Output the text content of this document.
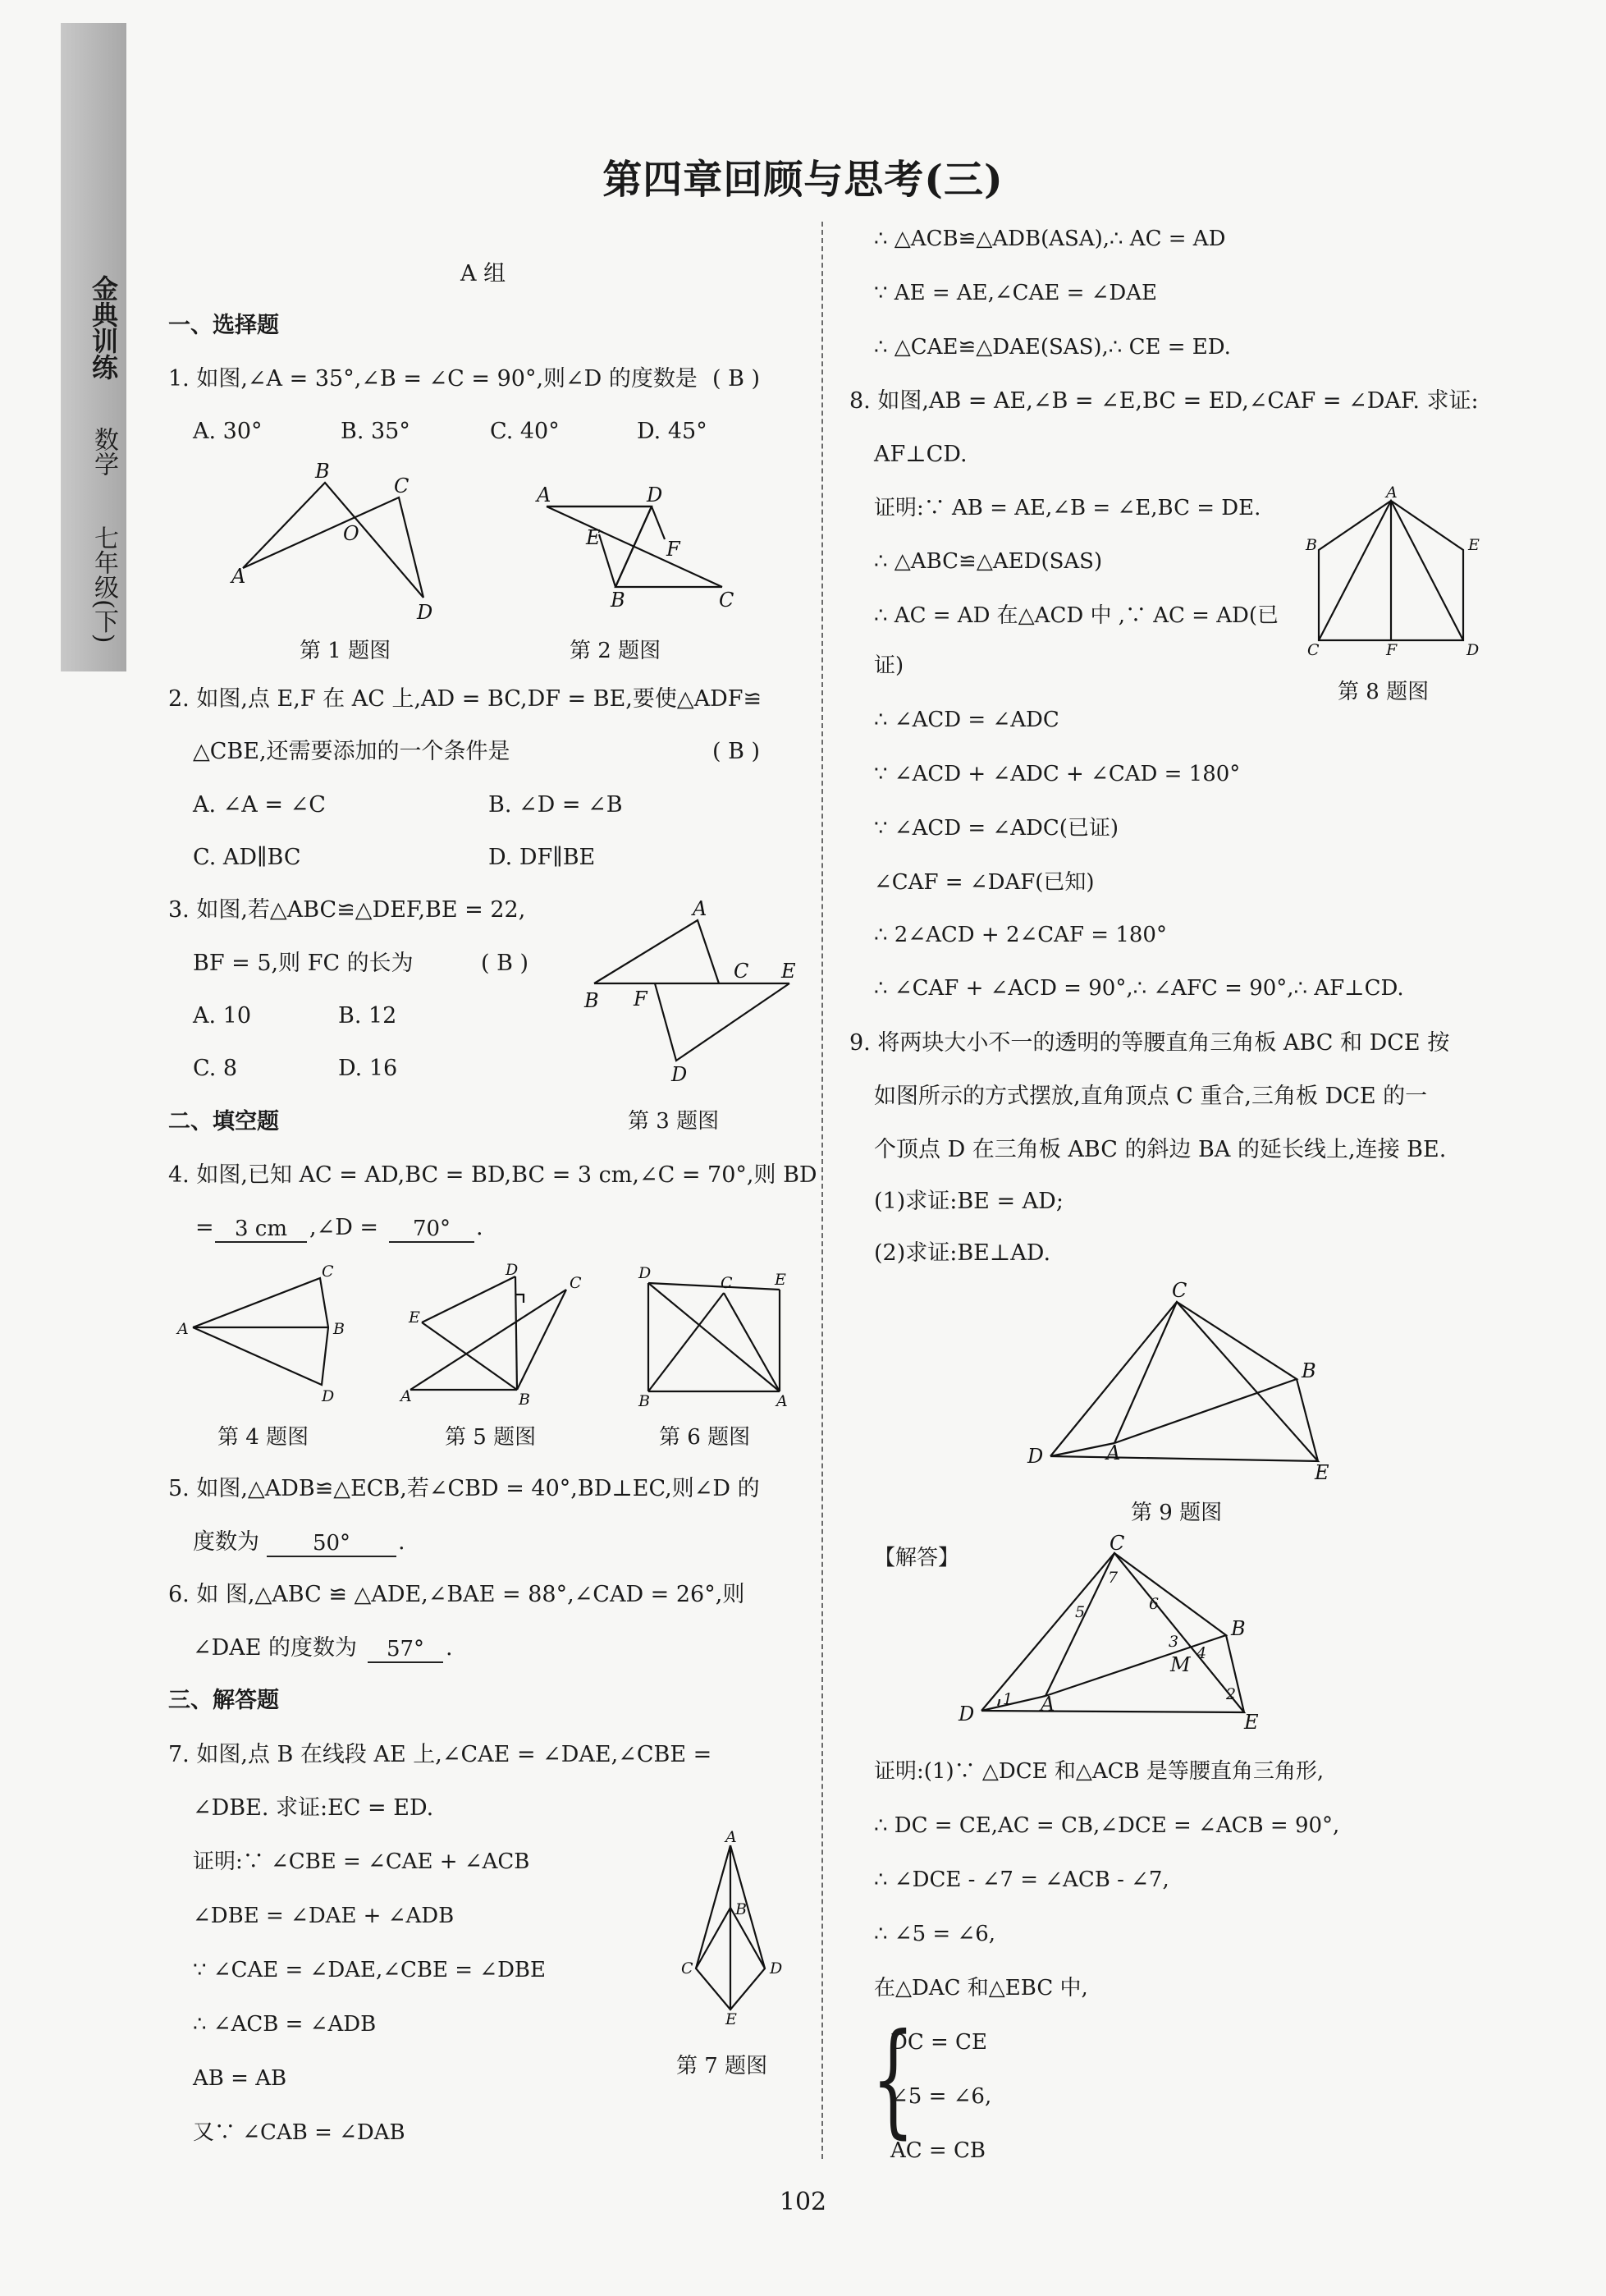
金典训练
数学
七年级(下)
第四章回顾与思考(三)
A 组
一、选择题
1. 如图,∠A = 35°,∠B = ∠C = 90°,则∠D 的度数是 ( B )
A. 30°	B. 35°	C. 40°	D. 45°
B
C
O
A
D
第 1 题图
A	D
E	F
B	C
第 2 题图
2. 如图,点 E,F 在 AC 上,AD = BC,DF = BE,要使△ADF≌
△CBE,还需要添加的一个条件是	( B )
A. ∠A = ∠C	B. ∠D = ∠B
C. AD∥BC	D. DF∥BE
3. 如图,若△ABC≌△DEF,BE = 22,
BF = 5,则 FC 的长为	( B )
A. 10	B. 12
C. 8	D. 16
A
C E
B F
D
二、填空题	第 3 题图
4. 如图,已知 AC = AD,BC = BD,BC = 3 cm,∠C = 70°,则 BD
= 3 cm ,∠D =	70°	.
C
A	B
D
第 4 题图
D
C
E
A	B
第 5 题图
D	E
C
B	A
第 6 题图
5. 如图,△ADB≌△ECB,若∠CBD = 40°,BD⊥EC,则∠D 的
度数为	50°	.
6. 如 图,△ABC ≌ △ADE,∠BAE = 88°,∠CAD = 26°,则
∠DAE 的度数为	57° .
三、解答题
7. 如图,点 B 在线段 AE 上,∠CAE = ∠DAE,∠CBE =
∠DBE. 求证:EC = ED.
证明:∵ ∠CBE = ∠CAE + ∠ACB
∠DBE = ∠DAE + ∠ADB
∵ ∠CAE = ∠DAE,∠CBE = ∠DBE
∴ ∠ACB = ∠ADB
AB = AB
又∵ ∠CAB = ∠DAB
A
B
C	D
E
第 7 题图
∴ △ACB≌△ADB(ASA),∴ AC = AD
∵ AE = AE,∠CAE = ∠DAE
∴ △CAE≌△DAE(SAS),∴ CE = ED.
8. 如图,AB = AE,∠B = ∠E,BC = ED,∠CAF = ∠DAF. 求证:
AF⊥CD.
证明:∵ AB = AE,∠B = ∠E,BC = DE.
∴ △ABC≌△AED(SAS)
∴ AC = AD 在△ACD 中 ,∵ AC = AD(已
证)
∴ ∠ACD = ∠ADC
∵ ∠ACD + ∠ADC + ∠CAD = 180°
∵ ∠ACD = ∠ADC(已证)
∠CAF = ∠DAF(已知)
∴ 2∠ACD + 2∠CAF = 180°
∴ ∠CAF + ∠ACD = 90°,∴ ∠AFC = 90°,∴ AF⊥CD.
A
B	E
C	F	D
第 8 题图
9. 将两块大小不一的透明的等腰直角三角板 ABC 和 DCE 按
如图所示的方式摆放,直角顶点 C 重合,三角板 DCE 的一
个顶点 D 在三角板 ABC 的斜边 BA 的延长线上,连接 BE.
(1)求证:BE = AD;
(2)求证:BE⊥AD.
C
B
D	A
E
第 9 题图
【解答】
C
7
5	6
B
3
4
M
1 A	2
D	E
证明:(1)∵ △DCE 和△ACB 是等腰直角三角形,
∴ DC = CE,AC = CB,∠DCE = ∠ACB = 90°,
∴ ∠DCE - ∠7 = ∠ACB - ∠7,
∴ ∠5 = ∠6,
在△DAC 和△EBC 中,
{
DC = CE
∠5 = ∠6,
AC = CB
102
